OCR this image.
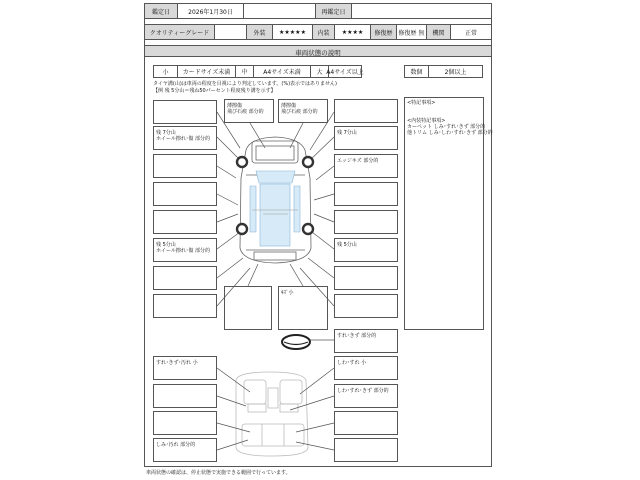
鑑定日	2026年1月30日	再鑑定日
クオリティーグレード	外装	★★★★★	内装	★★★★	修復歴	修復歴 無	機関	正常
車両状態の説明
小	カードサイズ未満	中	A4サイズ未満	大 A4サイズ以上	数個	2個以上
タイヤ溝(山)は車両の程度を目視により判定しています。(%)表示ではありません)
【例 残 5分山＝残ね50パーセント程度残り溝を示す】
残 7分山
ホイール擦れ･傷 部分的
残 5分山
ホイール擦れ･傷 部分的
薄擦傷
飛び石痕 部分的
薄擦傷
飛び石痕 部分的
残 7分山
エッジキズ 部分的
残 5分山
ｷｽﾞ小
<特記事項>
<内装特記事項>
カーペット しみ･すれ･きず 部分的
他トリム しみ･しわ･すれ･きず 部分的
すれ･きず 部分的
すれ･きず･汚れ 小	しわ･すれ 小
しわ･すれ･きず 部分的
しみ･汚れ 部分的
車両状態の確認は、停止状態で実施できる範囲で行っています。
